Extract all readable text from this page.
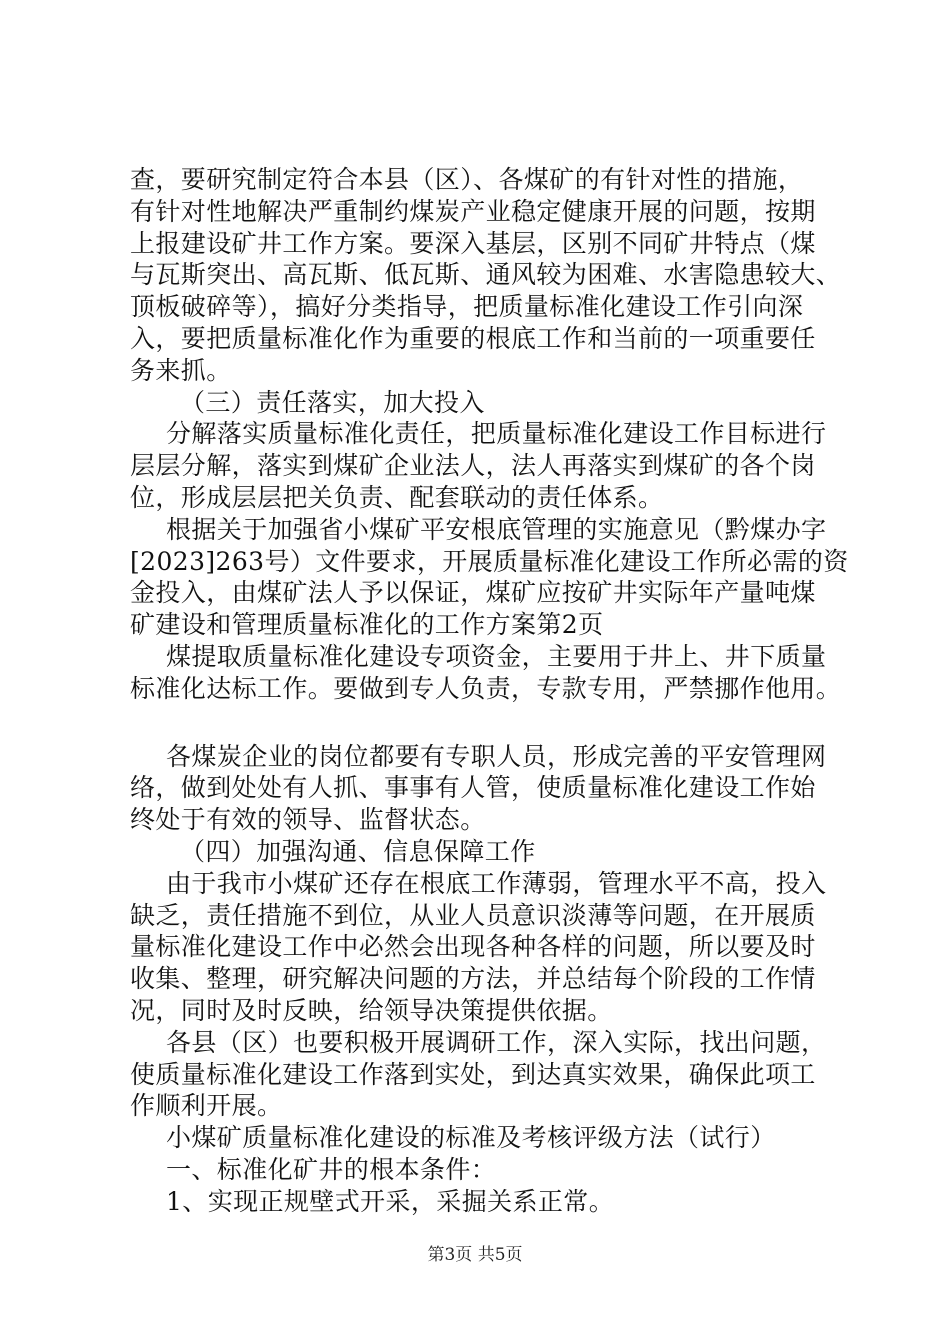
查，要研究制定符合本县（区）、各煤矿的有针对性的措施，
有针对性地解决严重制约煤炭产业稳定健康开展的问题，按期
上报建设矿井工作方案。要深入基层，区别不同矿井特点（煤
与瓦斯突出、高瓦斯、低瓦斯、通风较为困难、水害隐患较大、
顶板破碎等），搞好分类指导，把质量标准化建设工作引向深
入，要把质量标准化作为重要的根底工作和当前的一项重要任
务来抓。
（三）责任落实，加大投入
分解落实质量标准化责任，把质量标准化建设工作目标进行
层层分解，落实到煤矿企业法人，法人再落实到煤矿的各个岗
位，形成层层把关负责、配套联动的责任体系。
根据关于加强省小煤矿平安根底管理的实施意见（黔煤办字
[2023]263号）文件要求，开展质量标准化建设工作所必需的资
金投入，由煤矿法人予以保证，煤矿应按矿井实际年产量吨煤
矿建设和管理质量标准化的工作方案第2页
煤提取质量标准化建设专项资金，主要用于井上、井下质量
标准化达标工作。要做到专人负责，专款专用，严禁挪作他用。
各煤炭企业的岗位都要有专职人员，形成完善的平安管理网
络，做到处处有人抓、事事有人管，使质量标准化建设工作始
终处于有效的领导、监督状态。
（四）加强沟通、信息保障工作
由于我市小煤矿还存在根底工作薄弱，管理水平不高，投入
缺乏，责任措施不到位，从业人员意识淡薄等问题，在开展质
量标准化建设工作中必然会出现各种各样的问题，所以要及时
收集、整理，研究解决问题的方法，并总结每个阶段的工作情
况，同时及时反映，给领导决策提供依据。
各县（区）也要积极开展调研工作，深入实际，找出问题，
使质量标准化建设工作落到实处，到达真实效果，确保此项工
作顺利开展。
小煤矿质量标准化建设的标准及考核评级方法（试行）
一、标准化矿井的根本条件：
1、实现正规壁式开采，采掘关系正常。
第3页 共5页
